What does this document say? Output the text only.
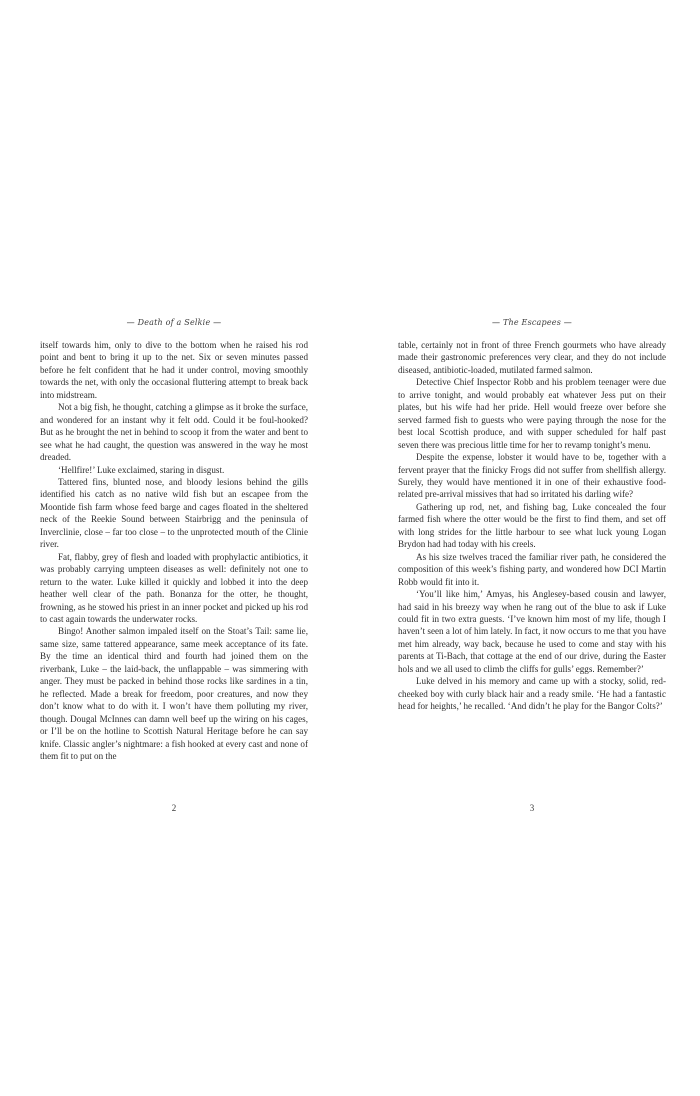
— Death of a Selkie —

itself towards him, only to dive to the bottom when he raised his rod point and bent to bring it up to the net. Six or seven minutes passed before he felt confident that he had it under control, moving smoothly towards the net, with only the occasional fluttering attempt to break back into midstream.

Not a big fish, he thought, catching a glimpse as it broke the surface, and wondered for an instant why it felt odd. Could it be foul-hooked? But as he brought the net in behind to scoop it from the water and bent to see what he had caught, the question was answered in the way he most dreaded.

‘Hellfire!’ Luke exclaimed, staring in disgust.

Tattered fins, blunted nose, and bloody lesions behind the gills identified his catch as no native wild fish but an escapee from the Moontide fish farm whose feed barge and cages floated in the sheltered neck of the Reekie Sound between Stairbrigg and the peninsula of Inverclinie, close – far too close – to the unprotected mouth of the Clinie river.

Fat, flabby, grey of flesh and loaded with prophylactic antibiotics, it was probably carrying umpteen diseases as well: definitely not one to return to the water. Luke killed it quickly and lobbed it into the deep heather well clear of the path. Bonanza for the otter, he thought, frowning, as he stowed his priest in an inner pocket and picked up his rod to cast again towards the underwater rocks.

Bingo! Another salmon impaled itself on the Stoat’s Tail: same lie, same size, same tattered appearance, same meek acceptance of its fate. By the time an identical third and fourth had joined them on the riverbank, Luke – the laid-back, the unflappable – was simmering with anger. They must be packed in behind those rocks like sardines in a tin, he reflected. Made a break for freedom, poor creatures, and now they don’t know what to do with it. I won’t have them polluting my river, though. Dougal McInnes can damn well beef up the wiring on his cages, or I’ll be on the hotline to Scottish Natural Heritage before he can say knife. Classic angler’s nightmare: a fish hooked at every cast and none of them fit to put on the

2
— The Escapees —

table, certainly not in front of three French gourmets who have already made their gastronomic preferences very clear, and they do not include diseased, antibiotic-loaded, mutilated farmed salmon.

Detective Chief Inspector Robb and his problem teenager were due to arrive tonight, and would probably eat whatever Jess put on their plates, but his wife had her pride. Hell would freeze over before she served farmed fish to guests who were paying through the nose for the best local Scottish produce, and with supper scheduled for half past seven there was precious little time for her to revamp tonight’s menu.

Despite the expense, lobster it would have to be, together with a fervent prayer that the finicky Frogs did not suffer from shellfish allergy. Surely, they would have mentioned it in one of their exhaustive food-related pre-arrival missives that had so irritated his darling wife?

Gathering up rod, net, and fishing bag, Luke concealed the four farmed fish where the otter would be the first to find them, and set off with long strides for the little harbour to see what luck young Logan Brydon had had today with his creels.

As his size twelves traced the familiar river path, he considered the composition of this week’s fishing party, and wondered how DCI Martin Robb would fit into it.

‘You’ll like him,’ Amyas, his Anglesey-based cousin and lawyer, had said in his breezy way when he rang out of the blue to ask if Luke could fit in two extra guests. ‘I’ve known him most of my life, though I haven’t seen a lot of him lately. In fact, it now occurs to me that you have met him already, way back, because he used to come and stay with his parents at Ti-Bach, that cottage at the end of our drive, during the Easter hols and we all used to climb the cliffs for gulls’ eggs. Remember?’

Luke delved in his memory and came up with a stocky, solid, red-cheeked boy with curly black hair and a ready smile. ‘He had a fantastic head for heights,’ he recalled. ‘And didn’t he play for the Bangor Colts?’

3
